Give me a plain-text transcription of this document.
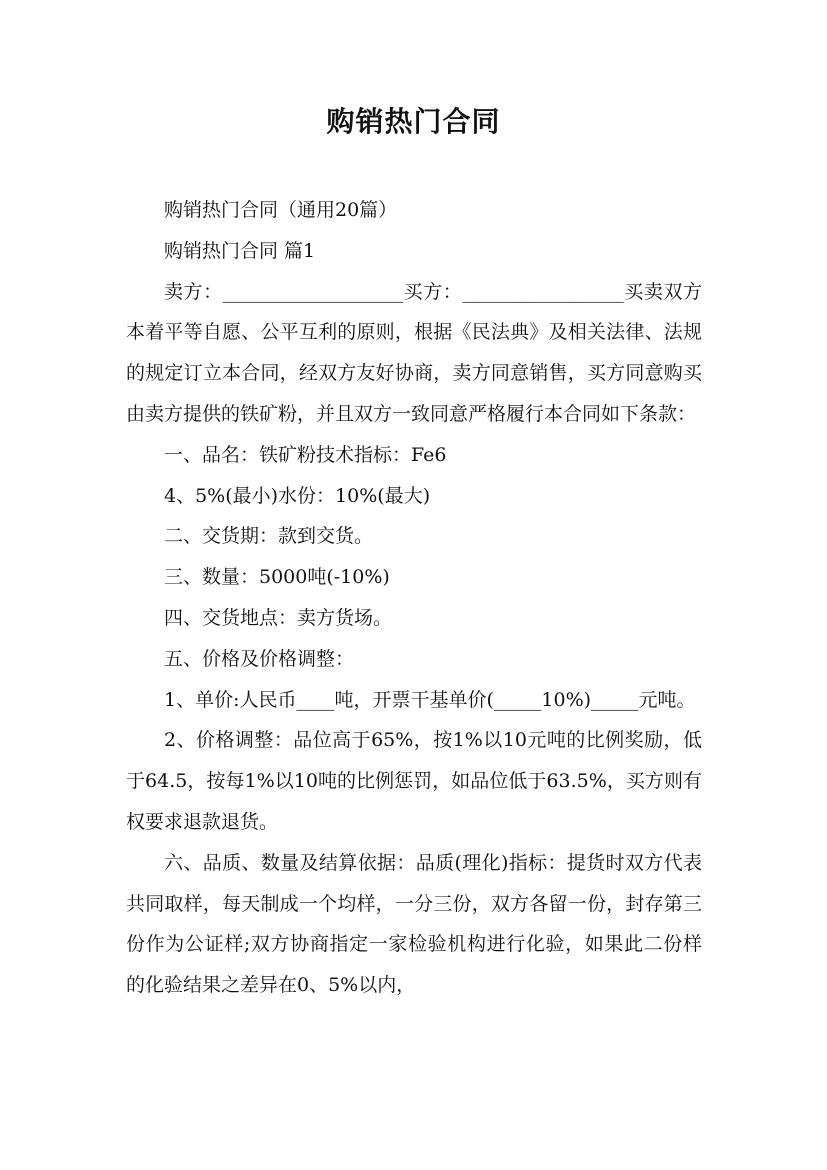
购销热门合同

购销热门合同（通用20篇）

购销热门合同 篇1

卖方：___________________买方：_________________买卖双方本着平等自愿、公平互利的原则，根据《民法典》及相关法律、法规的规定订立本合同，经双方友好协商，卖方同意销售，买方同意购买由卖方提供的铁矿粉，并且双方一致同意严格履行本合同如下条款：

一、品名：铁矿粉技术指标：Fe6

4、5%(最小)水份：10%(最大)

二、交货期：款到交货。

三、数量：5000吨(-10%)

四、交货地点：卖方货场。

五、价格及价格调整：

1、单价:人民币____吨，开票干基单价(_____10%)_____元吨。

2、价格调整：品位高于65%，按1%以10元吨的比例奖励，低于64.5，按每1%以10吨的比例惩罚，如品位低于63.5%，买方则有权要求退款退货。

六、品质、数量及结算依据：品质(理化)指标：提货时双方代表共同取样，每天制成一个均样，一分三份，双方各留一份，封存第三份作为公证样;双方协商指定一家检验机构进行化验，如果此二份样的化验结果之差异在0、5%以内，
